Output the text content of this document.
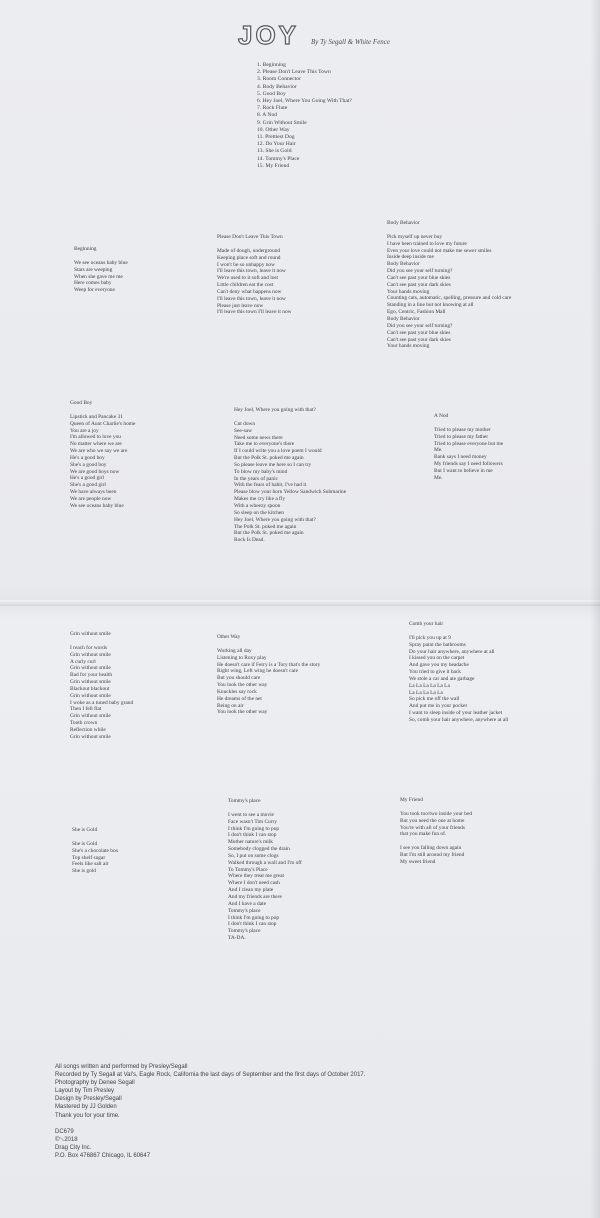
JOY By Ty Segall & White Fence
1. Beginning
2. Please Don't Leave This Town
3. Room Connector
4. Body Behavior
5. Good Boy
6. Hey Joel, Where You Going With That?
7. Rock Flute
8. A Nod
9. Grin Without Smile
10. Other Way
11. Prettiest Dog
12. Do Your Hair
13. She is Gold
14. Tommy's Place
15. My Friend
Beginning
We see oceans baby blue
Stars are weeping
When she gave me me
Here comes baby
Weep for everyone
Please Don't Leave This Town
Made of dough, underground
Keeping place soft and round
I won't be so unhappy now
I'll leave this town, leave it now
We're used to it soft and lost
Little children eat the cost
Can't deny what happens now
I'll leave this town, leave it now
Please just leave now
I'll leave this town I'll leave it now
Body Behavior
Pick myself up never buy
I have been trained to love my future
Even your love could not make me sewer smiles
Inside deep inside me
Body Behavior
Did you see your self turning?
Can't see past your blue skies
Can't see past your dark skies
Your hands moving
Counting cats, automatic, spelling, pressure and cold care
Standing in a line but not knowing at all
Ego, Centric, Fashion Mall
Body Behavior
Did you see your self turning?
Can't see past your blue skies
Can't see past your dark skies
Your hands moving
Good Boy
Lipstick and Pancake 31
Queen of Aunt Charlie's home
You are a joy
I'm allowed to love you
No matter where we are
We are who we say we are
He's a good boy
She's a good boy
We are good boys now
He's a good girl
She's a good girl
We have always been
We are people now
We see oceans baby blue
Hey Joel, Where you going with that?
Cut down
See-saw
Need some news there
Take me to everyone's there
If I could write you a love poem I would
But the Polk St. poked me again
So please leave me here so I can try
To blow my baby's mind
In the years of panic
With the fears of habit, I've had it
Please blow your horn Yellow Sandwich Submarine
Makes me cry like a fly
With a wheezy spoon
So sleep on the kitchen
Hey Joel, Where you going with that?
The Polk St. poked me again
But the Polk St. poked me again
Rock Is Dead.
A Nod
Tried to please my mother
Tried to please my father
Tried to please everyone but me
Me.
Bank says I need money
My friends say I need followers
But I want to believe in me
Me.
Grin without smile
I reach for words
Grin without smile
A curly curl
Grin without smile
Bad for your health
Grin without smile
Blackout blackout
Grin without smile
I woke as a tuned baby grand
Then I fell flat
Grin without smile
Tooth crown
Reflection while
Grin without smile
Other Way
Working all day
Listening to Roxy play
He doesn't care if Ferry is a Tory that's the story
Right wing, Left wing he doesn't care
But you should care
You look the other way
Knuckles say rock
He dreams of the net
Being on air
You look the other way
Comb your hair
I'll pick you up at 9
Spray paint the bathrooms
Do your hair anywhere, anywhere at all
I kissed you on the carpet
And gave you my headache
You tried to give it back
We stole a car and ate garbage
La La La La La La
La La La La La
So pick me off the wall
And put me in your pocket
I want to sleep inside of your leather jacket
So, comb your hair anywhere, anywhere at all
She is Gold
She is Gold
She's a chocolate box
Top shelf sugar
Feels like salt air
She is gold
Tommy's place
I went to see a movie
Face wasn't Tim Curry
I think I'm going to pop
I don't think I can stop
Mother nature's milk
Somebody clogged the drain
So, I put on some clogs
Walked through a wall and I'm off
To Tommy's Place
Where they treat me great
Where I don't need cash
And I clean my plate
And my friends are there
And I have a date
Tommy's place
I think I'm going to pop
I don't think I can stop
Tommy's place
TA-DA.
My Friend
You took too/two inside your bed
But you need the one at home
You're with all of your friends
that you make fun of.

I see you falling down again
But I'm still around my friend
My sweet friend
All songs written and performed by Presley/Segall
Recorded by Ty Segall at Val's, Eagle Rock, California the last days of September and the first days of October 2017.
Photography by Denee Segall
Layout by Tim Presley
Design by Presley/Segall
Mastered by JJ Golden
Thank you for your time.
DC679
©␅2018
Drag City Inc.
P.O. Box 476867 Chicago, IL 60647
